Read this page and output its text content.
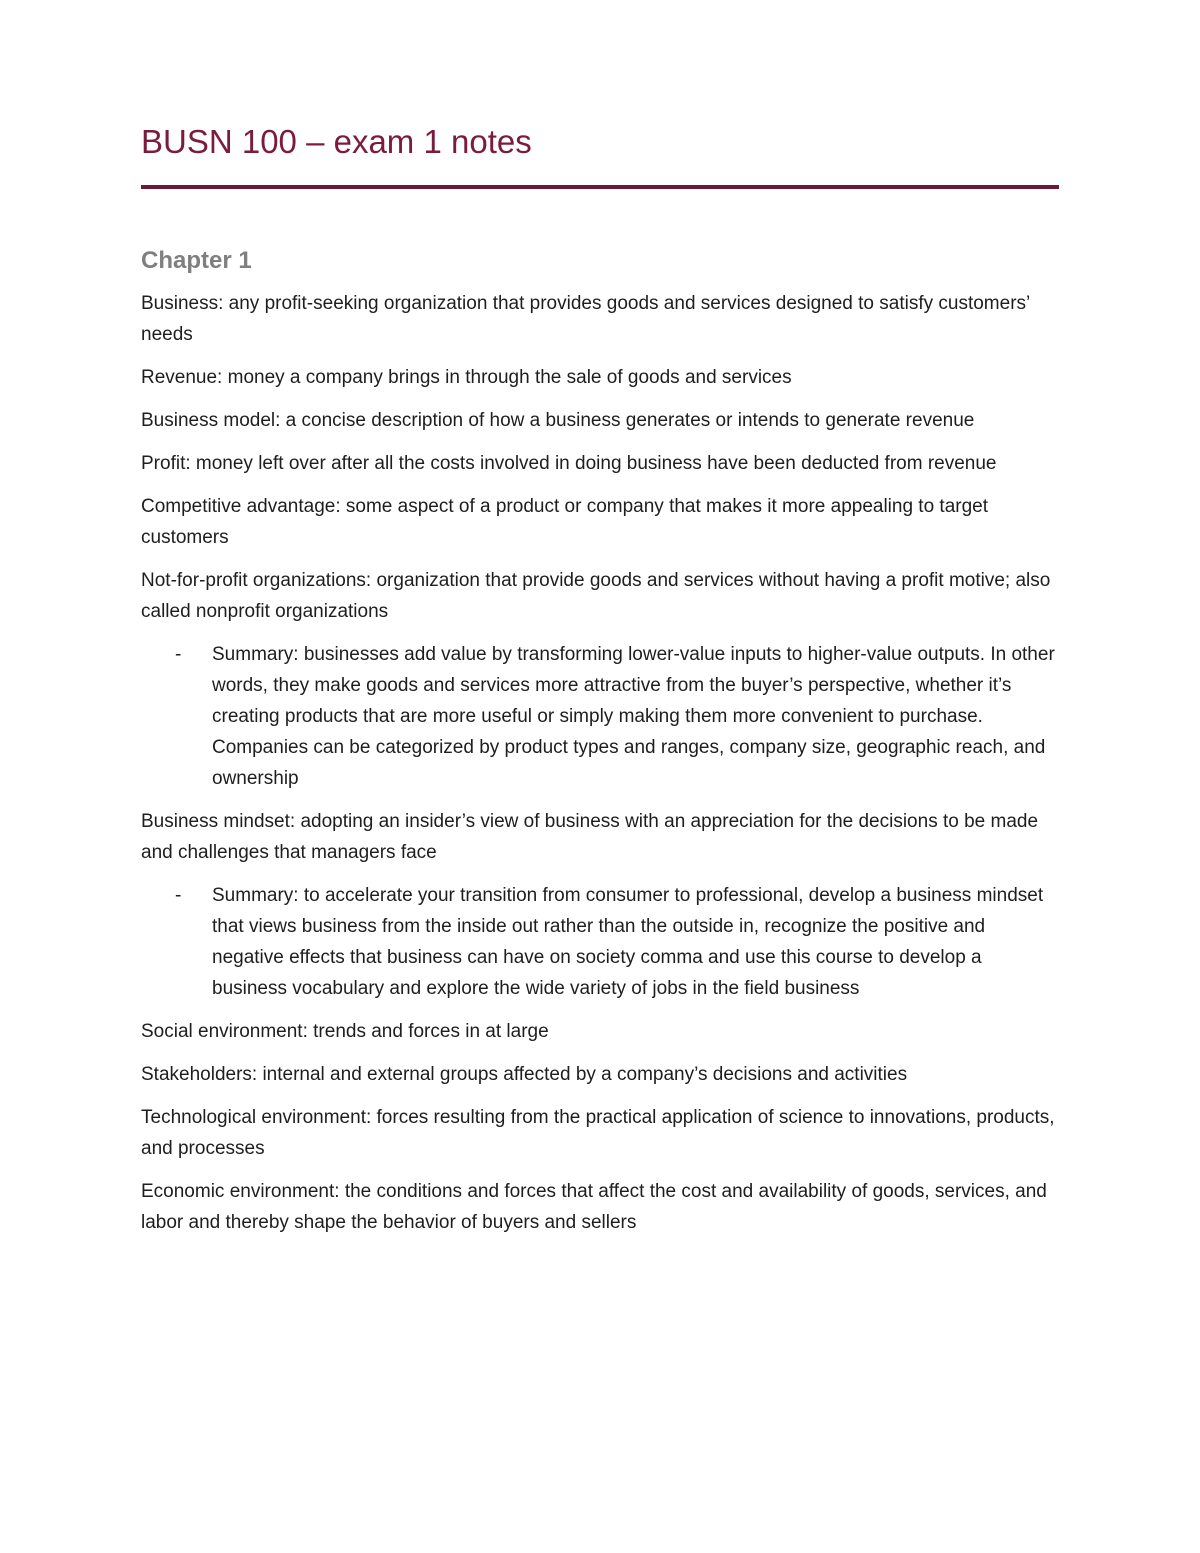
BUSN 100 – exam 1 notes
Chapter 1

Business: any profit-seeking organization that provides goods and services designed to satisfy customers’ needs

Revenue: money a company brings in through the sale of goods and services

Business model: a concise description of how a business generates or intends to generate revenue

Profit: money left over after all the costs involved in doing business have been deducted from revenue

Competitive advantage: some aspect of a product or company that makes it more appealing to target customers

Not-for-profit organizations: organization that provide goods and services without having a profit motive; also called nonprofit organizations

- Summary: businesses add value by transforming lower-value inputs to higher-value outputs. In other words, they make goods and services more attractive from the buyer’s perspective, whether it’s creating products that are more useful or simply making them more convenient to purchase. Companies can be categorized by product types and ranges, company size, geographic reach, and ownership

Business mindset: adopting an insider’s view of business with an appreciation for the decisions to be made and challenges that managers face

- Summary: to accelerate your transition from consumer to professional, develop a business mindset that views business from the inside out rather than the outside in, recognize the positive and negative effects that business can have on society comma and use this course to develop a business vocabulary and explore the wide variety of jobs in the field business

Social environment: trends and forces in at large

Stakeholders: internal and external groups affected by a company’s decisions and activities

Technological environment: forces resulting from the practical application of science to innovations, products, and processes

Economic environment: the conditions and forces that affect the cost and availability of goods, services, and labor and thereby shape the behavior of buyers and sellers
